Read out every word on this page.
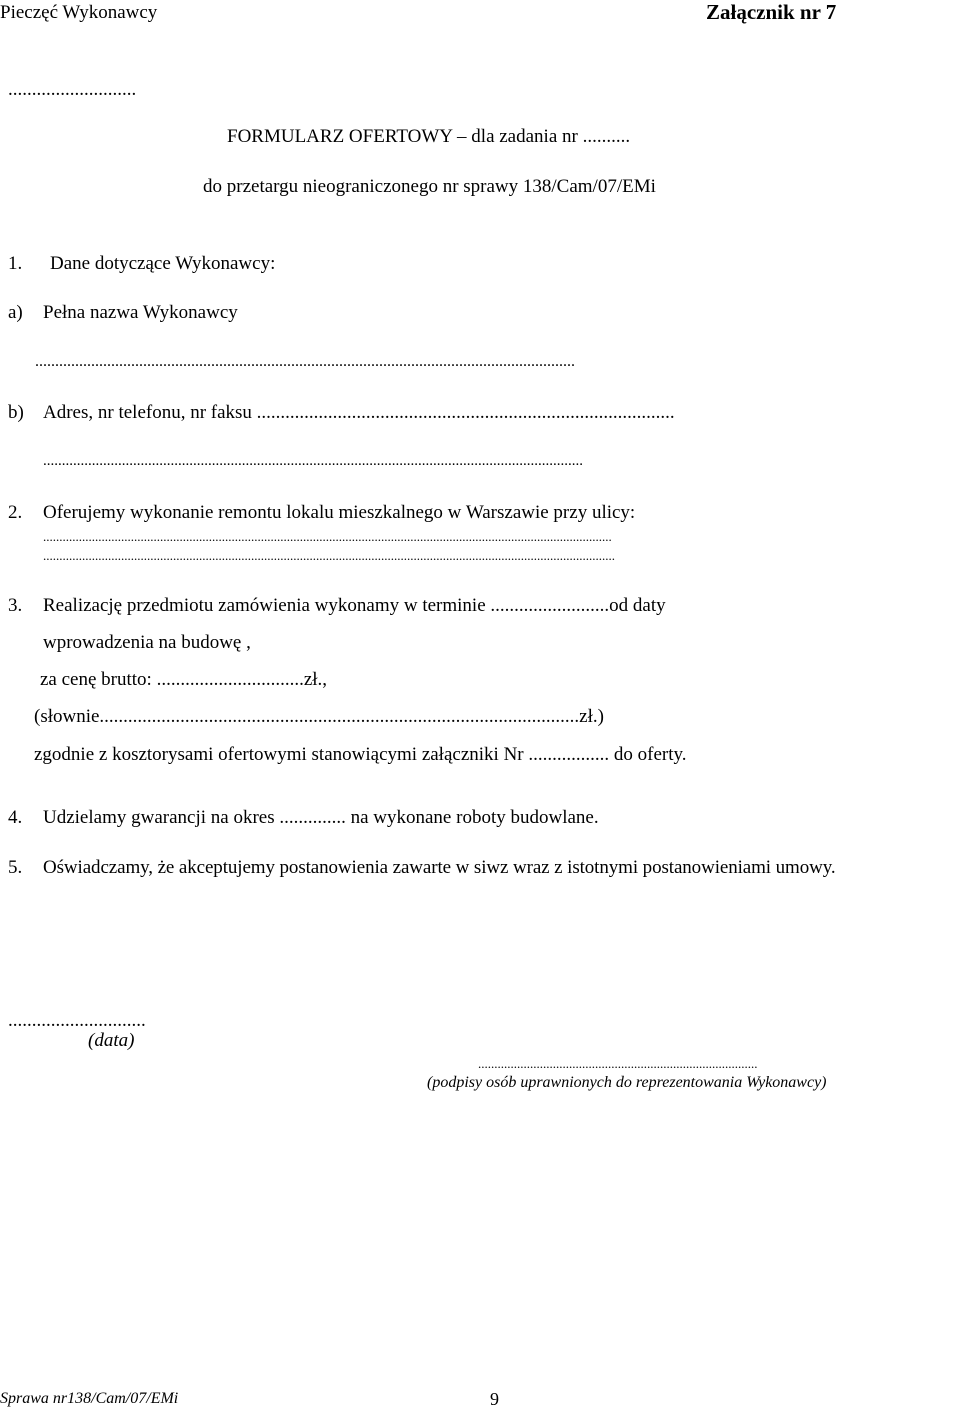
Pieczęć Wykonawcy	Załącznik nr 7
...........................
FORMULARZ OFERTOWY – dla zadania nr ..........
do przetargu nieograniczonego nr sprawy 138/Cam/07/EMi
1. Dane dotyczące Wykonawcy:
a) Pełna nazwa Wykonawcy
.......................................................................................................................................
b) Adres, nr telefonu, nr faksu ........................................................................................
................................................................................................................................................
2. Oferujemy wykonanie remontu lokalu mieszkalnego w Warszawie przy ulicy:
...............................................................................................................................................................................
................................................................................................................................................................................
3. Realizację przedmiotu zamówienia wykonamy w terminie .........................od daty
wprowadzenia na budowę ,
za cenę brutto: ...............................zł.,
(słownie.....................................................................................................zł.)
zgodnie z kosztorysami ofertowymi stanowiącymi załączniki Nr ................. do oferty.
4. Udzielamy gwarancji na okres .............. na wykonane roboty budowlane.
5. Oświadczamy, że akceptujemy postanowienia zawarte w siwz wraz z istotnymi postanowieniami umowy.
.............................
(data)
......................................................................................
(podpisy osób uprawnionych do reprezentowania Wykonawcy)
Sprawa nr138/Cam/07/EMi	9
